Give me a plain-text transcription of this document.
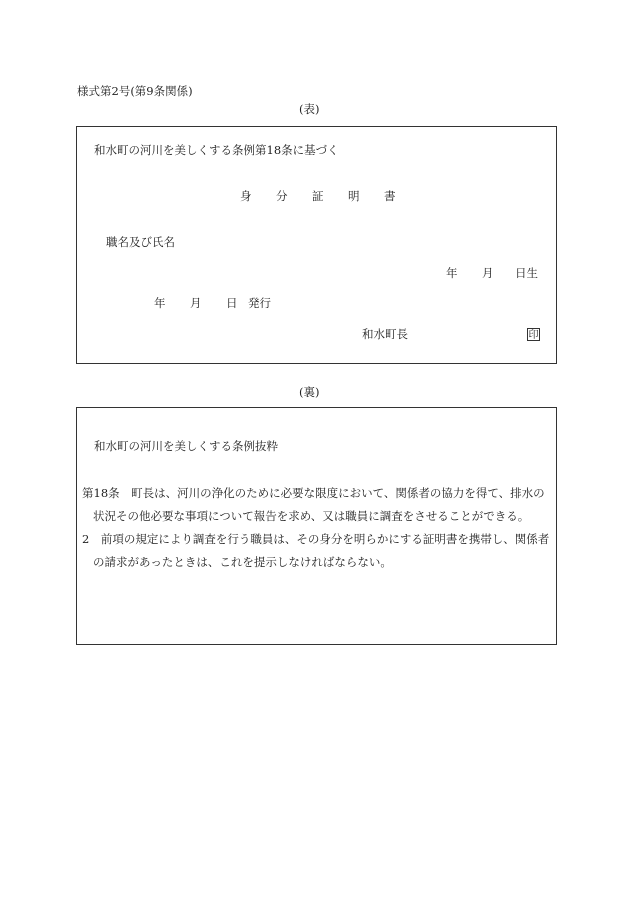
様式第2号(第9条関係)
(表)
和水町の河川を美しくする条例第18条に基づく
身 分 証 明 書
職名及び氏名
年 月 日生
年 月 日 発行
和水町長	印
(裏)
和水町の河川を美しくする条例抜粋

第18条　町長は、河川の浄化のために必要な限度において、関係者の協力を得て、排水の状況その他必要な事項について報告を求め、又は職員に調査をさせることができる。

2　前項の規定により調査を行う職員は、その身分を明らかにする証明書を携帯し、関係者の請求があったときは、これを提示しなければならない。
